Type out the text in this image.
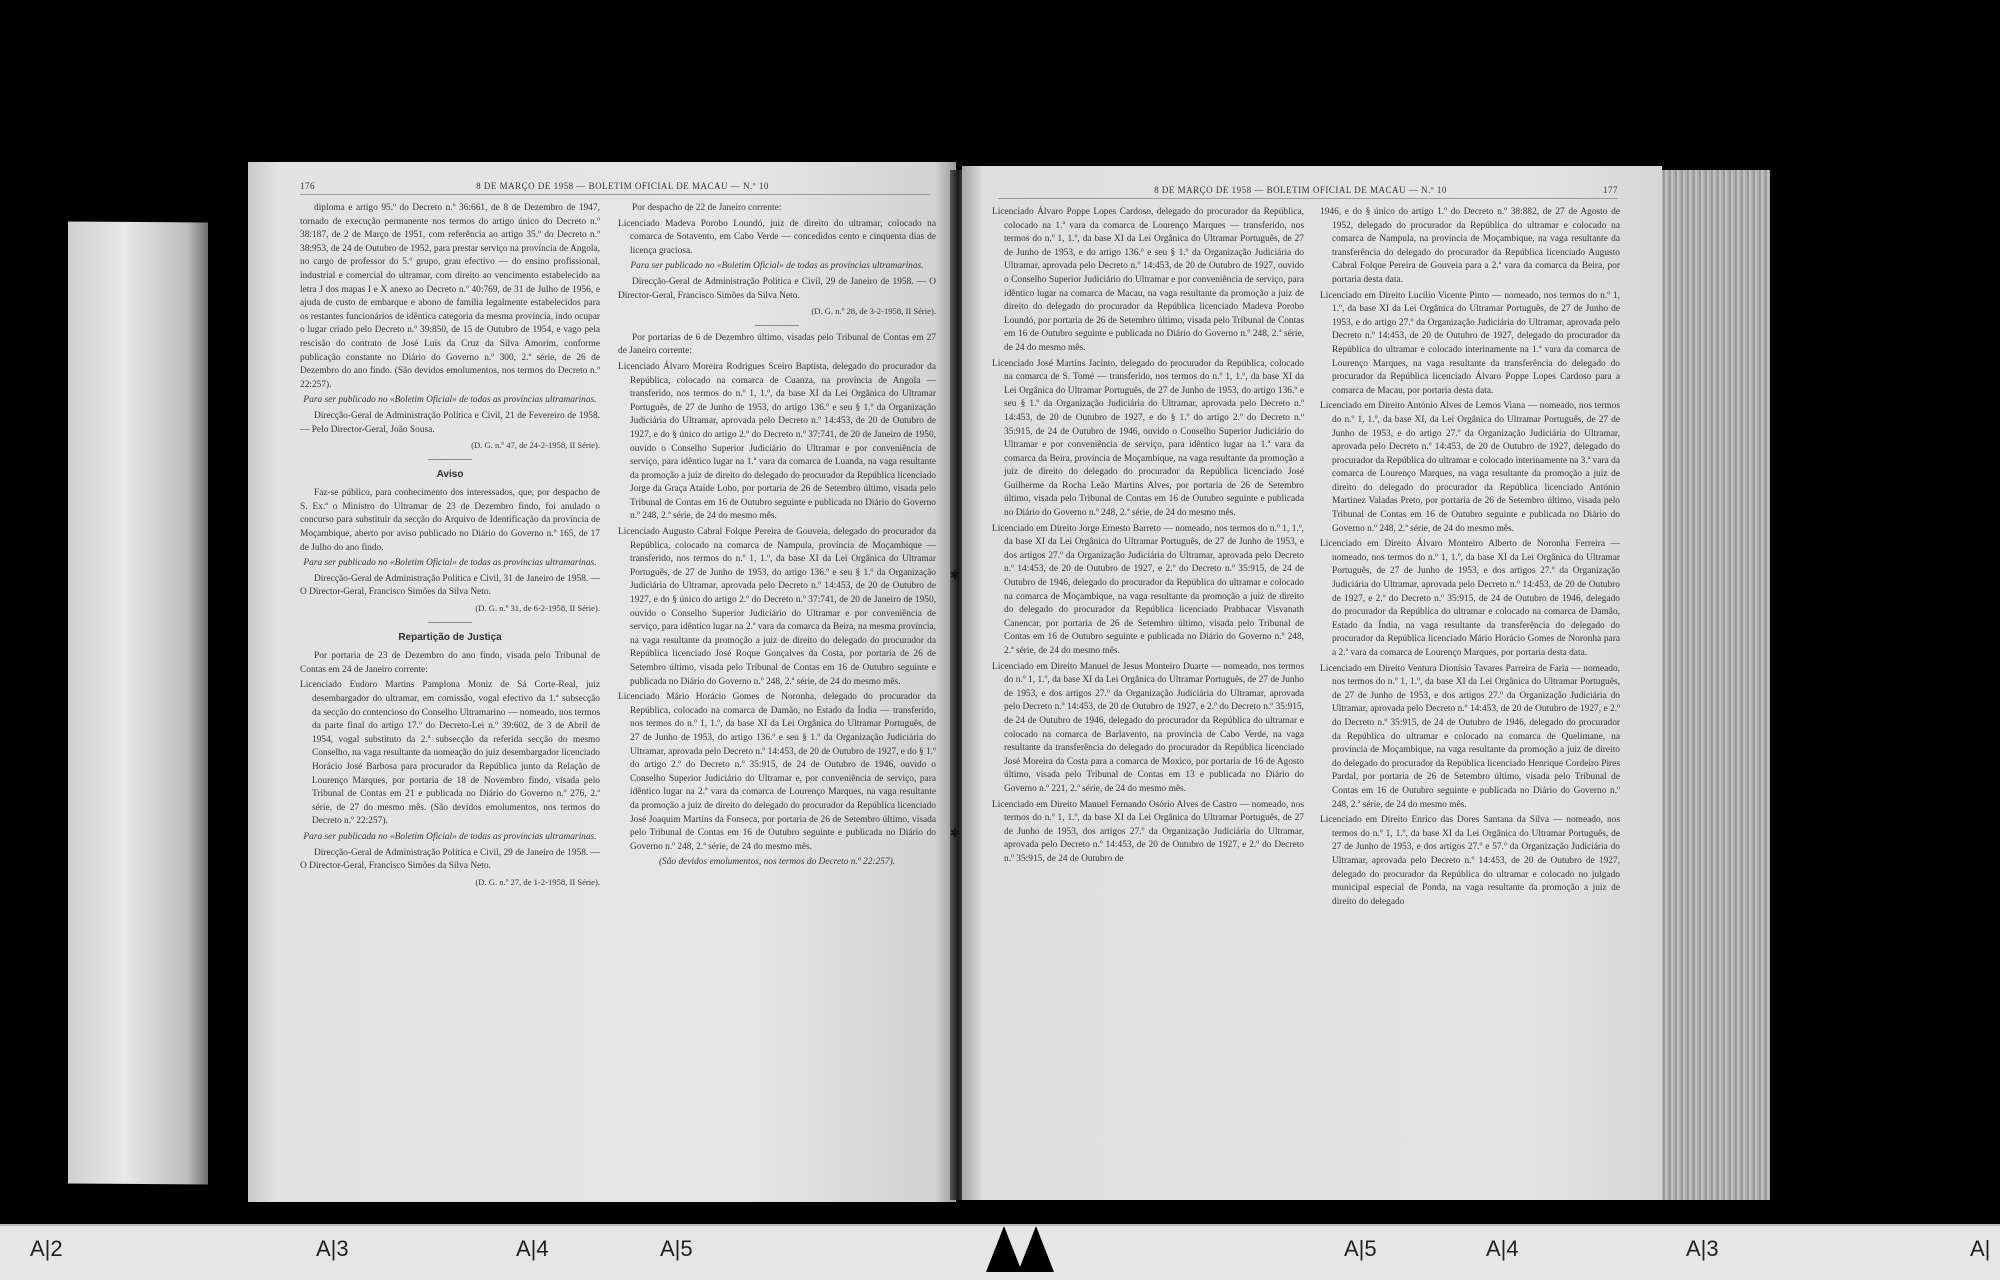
176	8 DE MARÇO DE 1958 — BOLETIM OFICIAL DE MACAU — N.º 10

diploma e artigo 95.º do Decreto n.º 36:661, de 8 de Dezembro de 1947, tornado de execução permanente nos termos do artigo único do Decreto n.º 38:187, de 2 de Março de 1951, com referência ao artigo 35.º do Decreto n.º 38:953, de 24 de Outubro de 1952, para prestar serviço na província de Angola, no cargo de professor do 5.º grupo, grau efectivo — do ensino profissional, industrial e comercial do ultramar, com direito ao vencimento estabelecido na letra J dos mapas I e X anexo ao Decreto n.º 40:769, de 31 de Julho de 1956, e ajuda de custo de embarque e abono de família legalmente estabelecidos para os restantes funcionários de idêntica categoria da mesma província, indo ocupar o lugar criado pelo Decreto n.º 39:850, de 15 de Outubro de 1954, e vago pela rescisão do contrato de José Luís da Cruz da Silva Amorim, conforme publicação constante no Diário do Governo n.º 300, 2.ª série, de 26 de Dezembro do ano findo. (São devidos emolumentos, nos termos do Decreto n.º 22:257).

Para ser publicado no «Boletim Oficial» de todas as províncias ultramarinas.

Direcção-Geral de Administração Política e Civil, 21 de Fevereiro de 1958. — Pelo Director-Geral, João Sousa.

(D. G. n.º 47, de 24-2-1958, II Série).

Aviso

Faz-se público, para conhecimento dos interessados, que, por despacho de S. Ex.ª o Ministro do Ultramar de 23 de Dezembro findo, foi anulado o concurso para substituir da secção do Arquivo de Identificação da província de Moçambique, aberto por aviso publicado no Diário do Governo n.º 165, de 17 de Julho do ano findo.

Para ser publicado no «Boletim Oficial» de todas as províncias ultramarinas.

Direcção-Geral de Administração Política e Civil, 31 de Janeiro de 1958. — O Director-Geral, Francisco Simões da Silva Neto.

(D. G. n.º 31, de 6-2-1958, II Série).

Repartição de Justiça

Por portaria de 23 de Dezembro do ano findo, visada pelo Tribunal de Contas em 24 de Janeiro corrente:

Licenciado Eudoro Martins Pamplona Moniz de Sá Corte-Real, juiz desembargador do ultramar, em comissão, vogal efectivo da 1.ª subsecção da secção do contencioso do Conselho Ultramarino — nomeado, nos termos da parte final do artigo 17.º do Decreto-Lei n.º 39:602, de 3 de Abril de 1954, vogal substituto da 2.ª subsecção da referida secção do mesmo Conselho, na vaga resultante da nomeação do juiz desembargador licenciado Horácio José Barbosa para procurador da República junto da Relação de Lourenço Marques, por portaria de 18 de Novembro findo, visada pelo Tribunal de Contas em 21 e publicada no Diário do Governo n.º 276, 2.ª série, de 27 do mesmo mês. (São devidos emolumentos, nos termos do Decreto n.º 22:257).

Para ser publicada no «Boletim Oficial» de todas as províncias ultramarinas.

Direcção-Geral de Administração Política e Civil, 29 de Janeiro de 1958. — O Director-Geral, Francisco Simões da Silva Neto.

(D. G. n.º 27, de 1-2-1958, II Série).

Por despacho de 22 de Janeiro corrente:

Licenciado Madeva Porobo Loundó, juiz de direito do ultramar, colocado na comarca de Sotavento, em Cabo Verde — concedidos cento e cinquenta dias de licença graciosa.

Para ser publicado no «Boletim Oficial» de todas as províncias ultramarinas.

Direcção-Geral de Administração Política e Civil, 29 de Janeiro de 1958. — O Director-Geral, Francisco Simões da Silva Neto.

(D. G. n.º 28, de 3-2-1958, II Série).

Por portarias de 6 de Dezembro último, visadas pelo Tribunal de Contas em 27 de Janeiro corrente:

Licenciado Álvaro Moreira Rodrigues Sceiro Baptista, delegado do procurador da República, colocado na comarca de Cuanza, na província de Angola — transferido, nos termos do n.º 1, 1.º, da base XI da Lei Orgânica do Ultramar Português, de 27 de Junho de 1953, do artigo 136.º e seu § 1.º da Organização Judiciária do Ultramar, aprovada pelo Decreto n.º 14:453, de 20 de Outubro de 1927, e do § único do artigo 2.º do Decreto n.º 37:741, de 20 de Janeiro de 1950, ouvido o Conselho Superior Judiciário do Ultramar e por conveniência de serviço, para idêntico lugar na 1.ª vara da comarca de Luanda, na vaga resultante da promoção a juiz de direito do delegado do procurador da República licenciado Jorge da Graça Ataíde Lobo, por portaria de 26 de Setembro último, visada pelo Tribunal de Contas em 16 de Outubro seguinte e publicada no Diário do Governo n.º 248, 2.ª série, de 24 do mesmo mês.

Licenciado Augusto Cabral Folque Pereira de Gouveia, delegado do procurador da República, colocado na comarca de Nampula, província de Moçambique — transferido, nos termos do n.º 1, 1.º, da base XI da Lei Orgânica do Ultramar Português, de 27 de Junho de 1953, do artigo 136.º e seu § 1.º da Organização Judiciária do Ultramar, aprovada pelo Decreto n.º 14:453, de 20 de Outubro de 1927, e do § único do artigo 2.º do Decreto n.º 37:741, de 20 de Janeiro de 1950, ouvido o Conselho Superior Judiciário do Ultramar e por conveniência de serviço, para idêntico lugar na 2.ª vara da comarca da Beira, na mesma província, na vaga resultante da promoção a juiz de direito do delegado do procurador da República licenciado José Roque Gonçalves da Costa, por portaria de 26 de Setembro último, visada pelo Tribunal de Contas em 16 de Outubro seguinte e publicada no Diário do Governo n.º 248, 2.ª série, de 24 do mesmo mês.

Licenciado Mário Horácio Gomes de Noronha, delegado do procurador da República, colocado na comarca de Damão, no Estado da Índia — transferido, nos termos do n.º 1, 1.º, da base XI da Lei Orgânica do Ultramar Português, de 27 de Junho de 1953, do artigo 136.º e seu § 1.º da Organização Judiciária do Ultramar, aprovada pelo Decreto n.º 14:453, de 20 de Outubro de 1927, e do § 1.º do artigo 2.º do Decreto n.º 35:915, de 24 de Outubro de 1946, ouvido o Conselho Superior Judiciário do Ultramar e, por conveniência de serviço, para idêntico lugar na 2.ª vara da comarca de Lourenço Marques, na vaga resultante da promoção a juiz de direito do delegado do procurador da República licenciado José Joaquim Martins da Fonseca, por portaria de 26 de Setembro último, visada pelo Tribunal de Contas em 16 de Outubro seguinte e publicada no Diário do Governo n.º 248, 2.ª série, de 24 do mesmo mês.

(São devidos emolumentos, nos termos do Decreto n.º 22:257).

8 DE MARÇO DE 1958 — BOLETIM OFICIAL DE MACAU — N.º 10	177

Licenciado Álvaro Poppe Lopes Cardoso, delegado do procurador da República, colocado na 1.ª vara da comarca de Lourenço Marques — transferido, nos termos do n.º 1, 1.º, da base XI da Lei Orgânica do Ultramar Português, de 27 de Junho de 1953, e do artigo 136.º e seu § 1.º da Organização Judiciária do Ultramar, aprovada pelo Decreto n.º 14:453, de 20 de Outubro de 1927, ouvido o Conselho Superior Judiciário do Ultramar e por conveniência de serviço, para idêntico lugar na comarca de Macau, na vaga resultante da promoção a juiz de direito do delegado do procurador da República licenciado Madeva Porobo Loundó, por portaria de 26 de Setembro último, visada pelo Tribunal de Contas em 16 de Outubro seguinte e publicada no Diário do Governo n.º 248, 2.ª série, de 24 do mesmo mês.

Licenciado José Martins Jacinto, delegado do procurador da República, colocado na comarca de S. Tomé — transferido, nos termos do n.º 1, 1.º, da base XI da Lei Orgânica do Ultramar Português, de 27 de Junho de 1953, do artigo 136.º e seu § 1.º da Organização Judiciária do Ultramar, aprovada pelo Decreto n.º 14:453, de 20 de Outubro de 1927, e do § 1.º do artigo 2.º do Decreto n.º 35:915, de 24 de Outubro de 1946, ouvido o Conselho Superior Judiciário do Ultramar e por conveniência de serviço, para idêntico lugar na 1.ª vara da comarca da Beira, província de Moçambique, na vaga resultante da promoção a juiz de direito do delegado do procurador da República licenciado José Guilherme da Rocha Leão Martins Alves, por portaria de 26 de Setembro último, visada pelo Tribunal de Contas em 16 de Outubro seguinte e publicada no Diário do Governo n.º 248, 2.ª série, de 24 do mesmo mês.

Licenciado em Direito Jorge Ernesto Barreto — nomeado, nos termos do n.º 1, 1.º, da base XI da Lei Orgânica do Ultramar Português, de 27 de Junho de 1953, e dos artigos 27.º da Organização Judiciária do Ultramar, aprovada pelo Decreto n.º 14:453, de 20 de Outubro de 1927, e 2.º do Decreto n.º 35:915, de 24 de Outubro de 1946, delegado do procurador da República do ultramar e colocado na comarca de Moçambique, na vaga resultante da promoção a juiz de direito do delegado do procurador da República licenciado Prabhacar Visvanath Canencar, por portaria de 26 de Setembro último, visada pelo Tribunal de Contas em 16 de Outubro seguinte e publicada no Diário do Governo n.º 248, 2.ª série, de 24 do mesmo mês.

Licenciado em Direito Manuel de Jesus Monteiro Duarte — nomeado, nos termos do n.º 1, 1.º, da base XI da Lei Orgânica do Ultramar Português, de 27 de Junho de 1953, e dos artigos 27.º da Organização Judiciária do Ultramar, aprovada pelo Decreto n.º 14:453, de 20 de Outubro de 1927, e 2.º do Decreto n.º 35:915, de 24 de Outubro de 1946, delegado do procurador da República do ultramar e colocado na comarca de Barlavento, na província de Cabo Verde, na vaga resultante da transferência do delegado do procurador da República licenciado José Moreira da Costa para a comarca de Moxico, por portaria de 16 de Agosto último, visada pelo Tribunal de Contas em 13 e publicada no Diário do Governo n.º 221, 2.ª série, de 24 do mesmo mês.

Licenciado em Direito Manuel Fernando Osório Alves de Castro — nomeado, nos termos do n.º 1, 1.º, da base XI da Lei Orgânica do Ultramar Português, de 27 de Junho de 1953, dos artigos 27.º da Organização Judiciária do Ultramar, aprovada pelo Decreto n.º 14:453, de 20 de Outubro de 1927, e 2.º do Decreto n.º 35:915, de 24 de Outubro de

1946, e do § único do artigo 1.º do Decreto n.º 38:882, de 27 de Agosto de 1952, delegado do procurador da República do ultramar e colocado na comarca de Nampula, na província de Moçambique, na vaga resultante da transferência do delegado do procurador da República licenciado Augusto Cabral Folque Pereira de Gouveia para a 2.ª vara da comarca da Beira, por portaria desta data.

Licenciado em Direito Lucílio Vicente Pinto — nomeado, nos termos do n.º 1, 1.º, da base XI da Lei Orgânica do Ultramar Português, de 27 de Junho de 1953, e do artigo 27.º da Organização Judiciária do Ultramar, aprovada pelo Decreto n.º 14:453, de 20 de Outubro de 1927, delegado do procurador da República do ultramar e colocado interinamente na 1.ª vara da comarca de Lourenço Marques, na vaga resultante da transferência do delegado do procurador da República licenciado Álvaro Poppe Lopes Cardoso para a comarca de Macau, por portaria desta data.

Licenciado em Direito António Alves de Lemos Viana — nomeado, nos termos do n.º 1, 1.º, da base XI, da Lei Orgânica do Ultramar Português, de 27 de Junho de 1953, e do artigo 27.º da Organização Judiciária do Ultramar, aprovada pelo Decreto n.º 14:453, de 20 de Outubro de 1927, delegado do procurador da República do ultramar e colocado interinamente na 3.ª vara da comarca de Lourenço Marques, na vaga resultante da promoção a juiz de direito do delegado do procurador da República licenciado António Martinez Valadas Preto, por portaria de 26 de Setembro último, visada pelo Tribunal de Contas em 16 de Outubro seguinte e publicada no Diário do Governo n.º 248, 2.ª série, de 24 do mesmo mês.

Licenciado em Direito Álvaro Monteiro Alberto de Noronha Ferreira — nomeado, nos termos do n.º 1, 1.º, da base XI da Lei Orgânica do Ultramar Português, de 27 de Junho de 1953, e dos artigos 27.º da Organização Judiciária do Ultramar, aprovada pelo Decreto n.º 14:453, de 20 de Outubro de 1927, e 2.º do Decreto n.º 35:915, de 24 de Outubro de 1946, delegado do procurador da República do ultramar e colocado na comarca de Damão, Estado da Índia, na vaga resultante da transferência do delegado do procurador da República licenciado Mário Horácio Gomes de Noronha para a 2.ª vara da comarca de Lourenço Marques, por portaria desta data.

Licenciado em Direito Ventura Dionísio Tavares Parreira de Faria — nomeado, nos termos do n.º 1, 1.º, da base XI da Lei Orgânica do Ultramar Português, de 27 de Junho de 1953, e dos artigos 27.º da Organização Judiciária do Ultramar, aprovada pelo Decreto n.º 14:453, de 20 de Outubro de 1927, e 2.º do Decreto n.º 35:915, de 24 de Outubro de 1946, delegado do procurador da República do ultramar e colocado na comarca de Quelimane, na província de Moçambique, na vaga resultante da promoção a juiz de direito do delegado do procurador da República licenciado Henrique Cordeiro Pires Pardal, por portaria de 26 de Setembro último, visada pelo Tribunal de Contas em 16 de Outubro seguinte e publicada no Diário do Governo n.º 248, 2.ª série, de 24 do mesmo mês.

Licenciado em Direito Enrico das Dores Santana da Silva — nomeado, nos termos do n.º 1, 1.º, da base XI da Lei Orgânica do Ultramar Português, de 27 de Junho de 1953, e dos artigos 27.º e 57.º da Organização Judiciária do Ultramar, aprovada pelo Decreto n.º 14:453, de 20 de Outubro de 1927, delegado do procurador da República do ultramar e colocado no julgado municipal especial de Ponda, na vaga resultante da promoção a juiz de direito do delegado

✱
✱
A|2	A|3	A|4	A|5	A|5	A|4	A|3	A|
